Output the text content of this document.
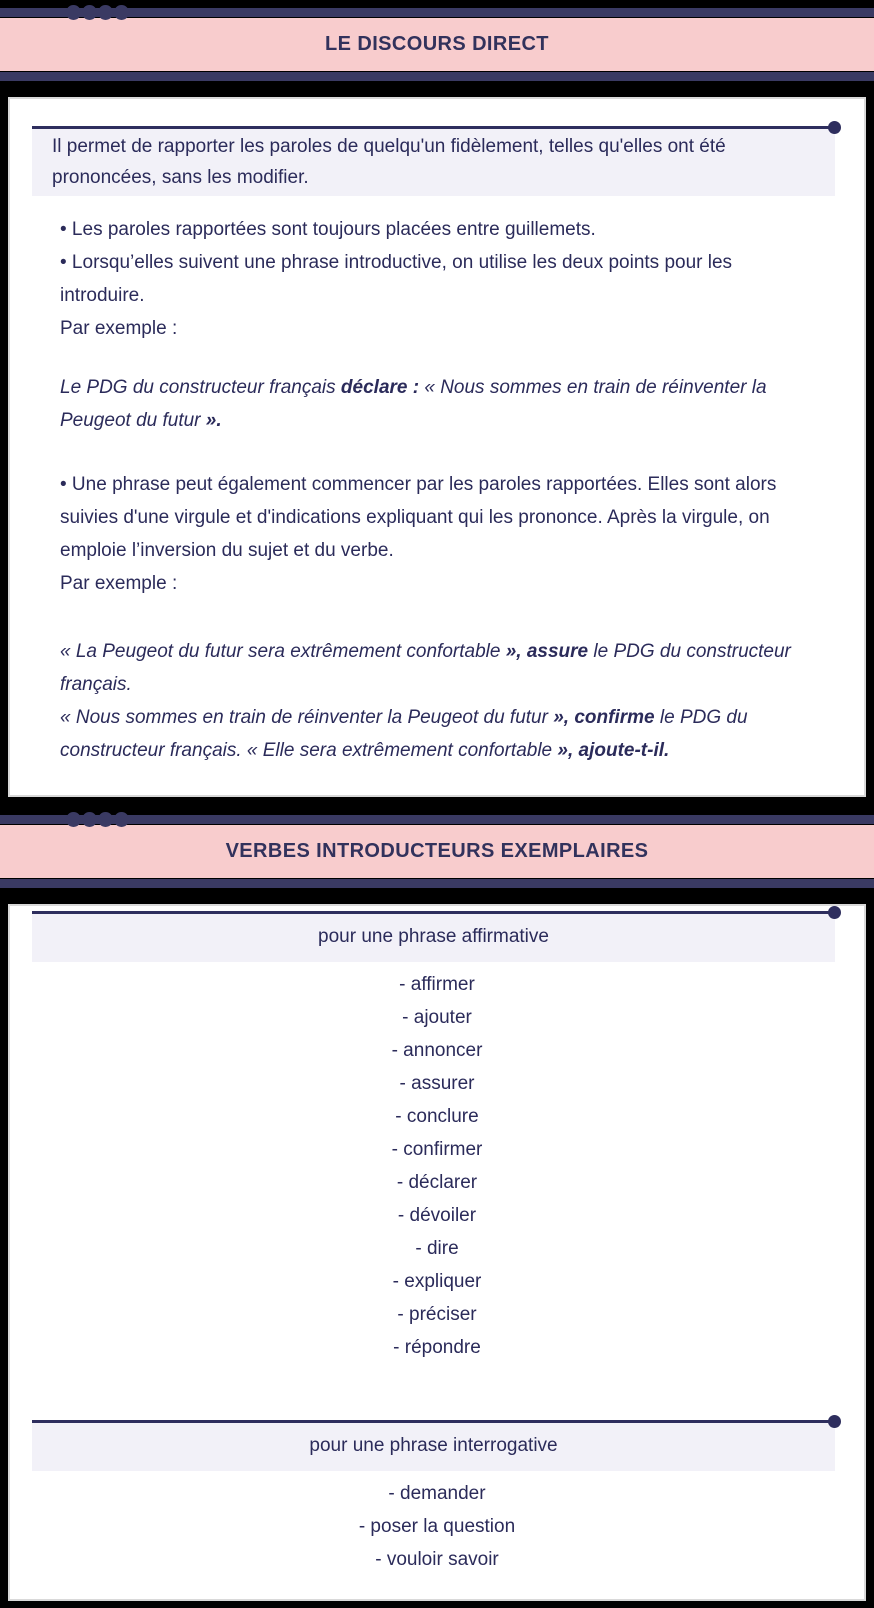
LE DISCOURS DIRECT
Il permet de rapporter les paroles de quelqu'un fidèlement, telles qu'elles ont été prononcées, sans les modifier.
• Les paroles rapportées sont toujours placées entre guillemets.
• Lorsqu’elles suivent une phrase introductive, on utilise les deux points pour les introduire.
Par exemple :
Le PDG du constructeur français déclare : « Nous sommes en train de réinventer la Peugeot du futur ».
• Une phrase peut également commencer par les paroles rapportées. Elles sont alors suivies d'une virgule et d'indications expliquant qui les prononce. Après la virgule, on emploie l’inversion du sujet et du verbe.
Par exemple :
« La Peugeot du futur sera extrêmement confortable », assure le PDG du constructeur français.
« Nous sommes en train de réinventer la Peugeot du futur », confirme le PDG du constructeur français. « Elle sera extrêmement confortable », ajoute-t-il.
VERBES INTRODUCTEURS EXEMPLAIRES
pour une phrase affirmative
- affirmer
- ajouter
- annoncer
- assurer
- conclure
- confirmer
- déclarer
- dévoiler
- dire
- expliquer
- préciser
- répondre
pour une phrase interrogative
- demander
- poser la question
- vouloir savoir
